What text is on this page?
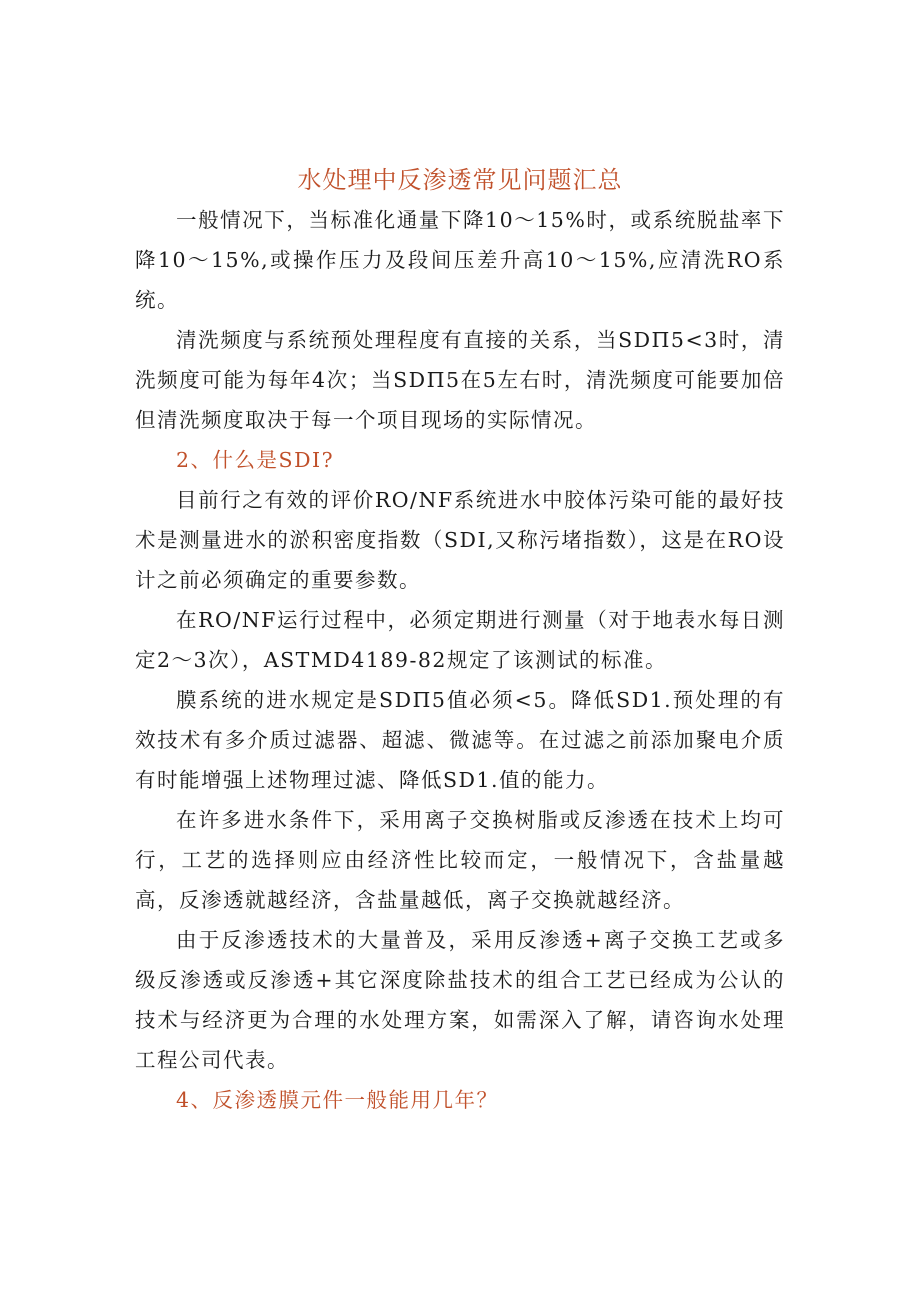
水处理中反渗透常见问题汇总

一般情况下，当标准化通量下降10～15%时，或系统脱盐率下降10～15%,或操作压力及段间压差升高10～15%,应清洗RO系统。

清洗频度与系统预处理程度有直接的关系，当SDΠ5<3时，清洗频度可能为每年4次；当SDΠ5在5左右时，清洗频度可能要加倍但清洗频度取决于每一个项目现场的实际情况。

2、什么是SDI?

目前行之有效的评价RO/NF系统进水中胶体污染可能的最好技术是测量进水的淤积密度指数（SDI,又称污堵指数），这是在RO设计之前必须确定的重要参数。

在RO/NF运行过程中，必须定期进行测量（对于地表水每日测定2～3次），ASTMD4189-82规定了该测试的标准。

膜系统的进水规定是SDΠ5值必须<5。降低SD1.预处理的有效技术有多介质过滤器、超滤、微滤等。在过滤之前添加聚电介质有时能增强上述物理过滤、降低SD1.值的能力。

在许多进水条件下，采用离子交换树脂或反渗透在技术上均可行，工艺的选择则应由经济性比较而定，一般情况下，含盐量越高，反渗透就越经济，含盐量越低，离子交换就越经济。

由于反渗透技术的大量普及，采用反渗透+离子交换工艺或多级反渗透或反渗透+其它深度除盐技术的组合工艺已经成为公认的技术与经济更为合理的水处理方案，如需深入了解，请咨询水处理工程公司代表。

4、反渗透膜元件一般能用几年？
